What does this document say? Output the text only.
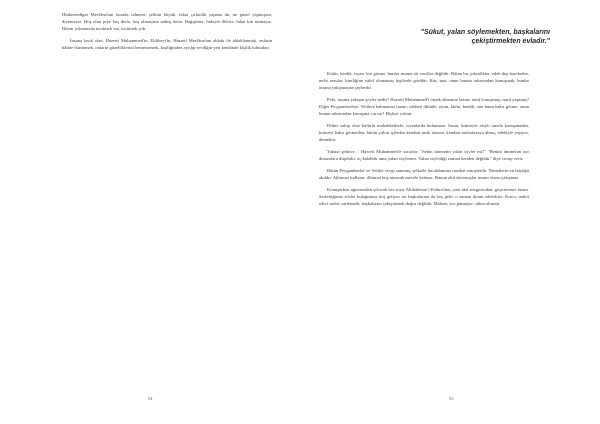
Hüdavendigar Mevlâna'nın burada rahmeti, şefkati büyük, fakat çirkinlik yapana da, ne güzel yapmışsın, diyemeyiz. Hoş olan şeye hoş deriz, hoş olmayana nahoş deriz. Bağışlarız, hidayet dileriz, fakat kin tutmayız. Bizim yolumuzda incitmek var, incitmek yok.

İnsana layık olan, Hazreti Muhammed'in, Ehlibeyt'in, Hazreti Mevlâna'nın ahlakı ile ahlaklanmak, onların hâline bürünmek, onların güzelliklerini benimsemek, kişiliğinden ayrılıp sevdiğin yeri kendinde kişilik kılmaktır.

54
"Sükut, yalan söylemekten, başkalarını çekiştirmekten evladır."

Küfür, benlik, isyan, hor görme, bunlar insana ait vasıflar değildir. Bütün bu çirkinlikler, edeb dışı hareketler, nefsi arzular, kimliğine vakıf olamamış kişilerde görülür. Kin, inat, onun bunun arkasından konuşmak, bunlar insana yakışmayan şeylerdir.

Peki, insana yakışan şeyler nedir? Hazreti Muhammed'i örnek almamız lazım; nasıl konuşmuş, nasıl yaşamış? Diğer Peygamberlere, Velilere bakmamız lazım; sohbeti dilinde, isyan, küfür, benlik, onu bunu hakir görme, onun bunun arkasından konuşma var mı? Hiçbiri yoktur.

Diline sahip olan küfürlü muhabbetlerle, isyanlarda bulunmaz. İnsan, kimseyle alaylı tarzda konuşmadan, kimseyi hakir görmeden, bütün çirkin işlerden kendini uzak tutarsa, kendini muhafazaya almış, edebiyle yaşıyor, demektir.

Yalana gelince… Hazreti Muhammed'e sorarlar; "Senin ümmetin yalan söyler mi?" "Benim ümmetim zor durumlara düşebilir, aç kalabilir ama yalan söylemez. Yalan söylediği zaman benden değildir" diye cevap verir.

Bütün Peygamberler ve Veliler sevgi sunmuş, şefkatle kucaklamayı nasihat etmişlerdir. Nimetlerin en büyüğü akıldır. Aklımızı kullanır, dilimizi boş tutarsak mesele kalmaz. Bunun akıl davranışlar insanı olana yakışmaz.

Konuşurken ağzımızdan çıkacak her sözü, Muhakeme-i Kübra'dan, yani akıl süzgecinden, geçirmemiz lazım. Sarfettiğimiz sözler kulağımıza hoş geliyor ise başkalarına da hoş gelir, o zaman ikram edebiliriz. Kırıcı, tenkit edici sözler sarfetmek, başkalarını çekiştirmek doğru değildir. Malum; söz gümüşse, sükut altındır.

55
